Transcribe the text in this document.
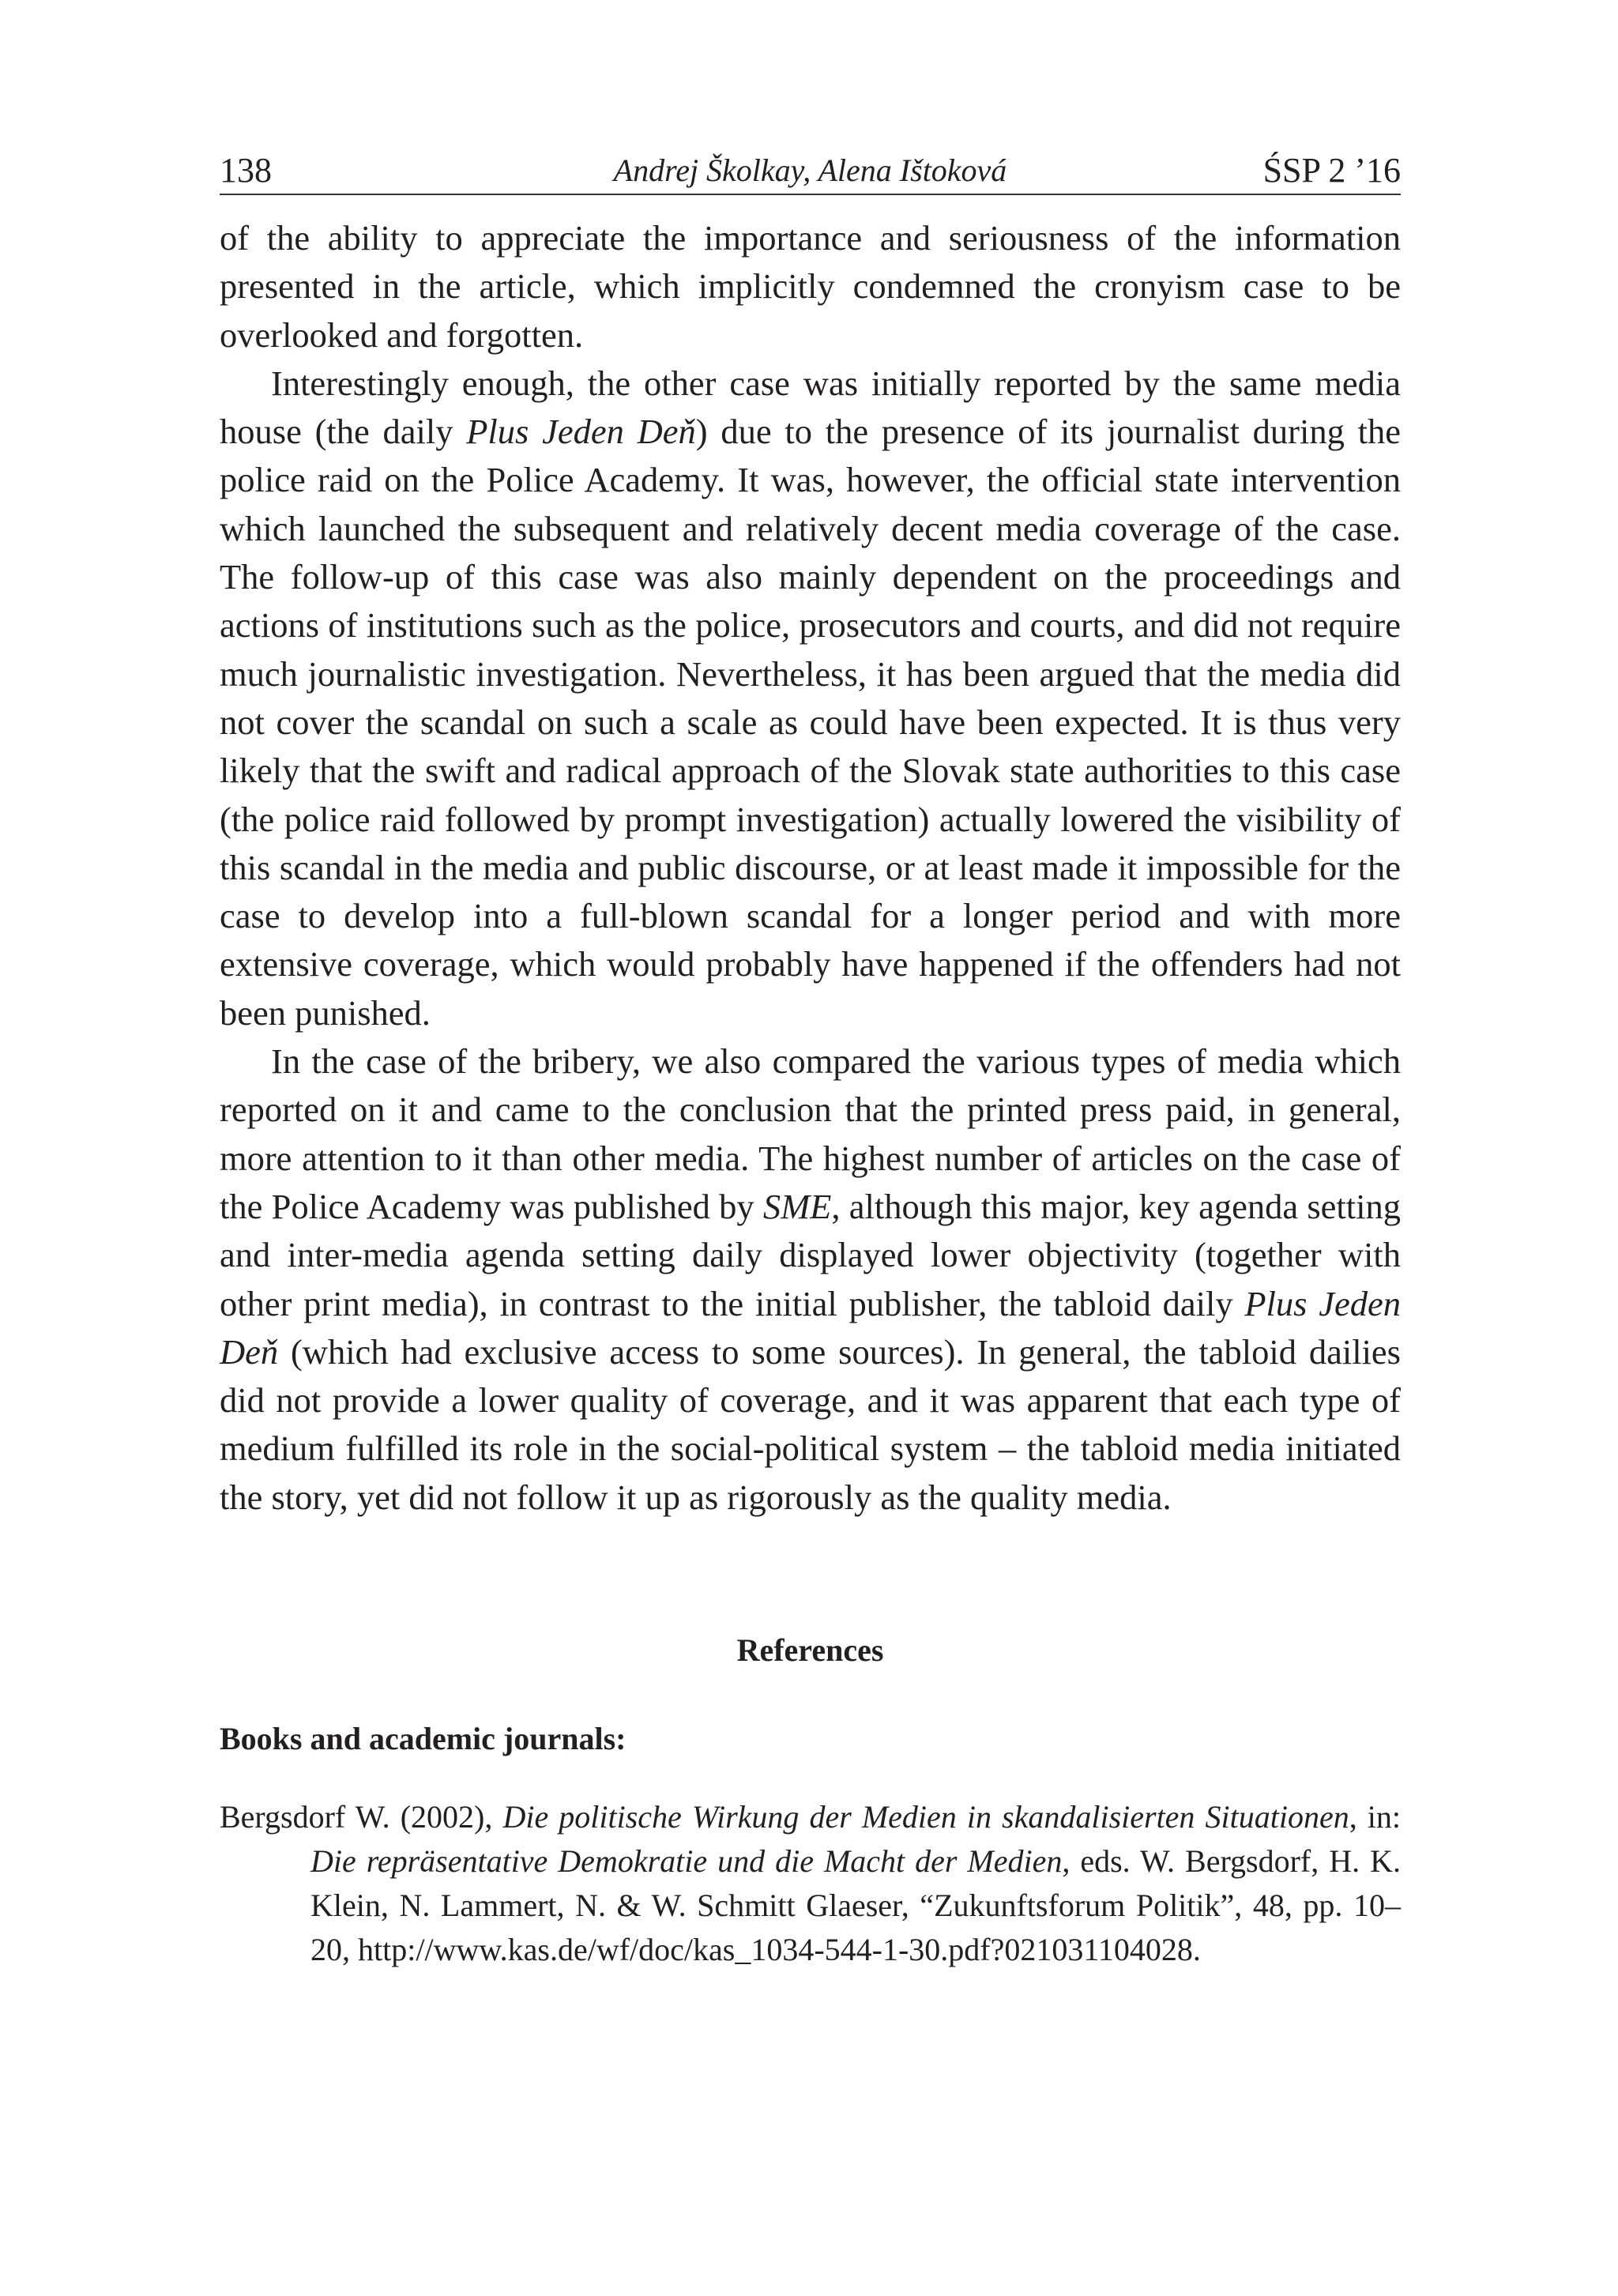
138	Andrej Školkay, Alena Ištoková	ŚSP 2 ’16

of the ability to appreciate the importance and seriousness of the information presented in the article, which implicitly condemned the cronyism case to be overlooked and forgotten.

Interestingly enough, the other case was initially reported by the same media house (the daily Plus Jeden Deň) due to the presence of its journalist during the police raid on the Police Academy. It was, however, the official state intervention which launched the subsequent and relatively decent media coverage of the case. The follow-up of this case was also mainly dependent on the proceedings and actions of institutions such as the police, prosecutors and courts, and did not require much journalistic investigation. Nevertheless, it has been argued that the media did not cover the scandal on such a scale as could have been expected. It is thus very likely that the swift and radical approach of the Slovak state authorities to this case (the police raid followed by prompt investigation) actually lowered the visibility of this scandal in the media and public discourse, or at least made it impossible for the case to develop into a full-blown scandal for a longer period and with more extensive coverage, which would probably have happened if the offenders had not been punished.

In the case of the bribery, we also compared the various types of media which reported on it and came to the conclusion that the printed press paid, in general, more attention to it than other media. The highest number of articles on the case of the Police Academy was published by SME, although this major, key agenda setting and inter-media agenda setting daily displayed lower objectivity (together with other print media), in contrast to the initial publisher, the tabloid daily Plus Jeden Deň (which had exclusive access to some sources). In general, the tabloid dailies did not provide a lower quality of coverage, and it was apparent that each type of medium fulfilled its role in the social-political system – the tabloid media initiated the story, yet did not follow it up as rigorously as the quality media.

References
Books and academic journals:
Bergsdorf W. (2002), Die politische Wirkung der Medien in skandalisierten Situationen, in: Die repräsentative Demokratie und die Macht der Medien, eds. W. Bergsdorf, H. K. Klein, N. Lammert, N. & W. Schmitt Glaeser, “Zukunftsforum Politik”, 48, pp. 10–20, http://www.kas.de/wf/doc/kas_1034-544-1-30.​pdf?021031104028.
